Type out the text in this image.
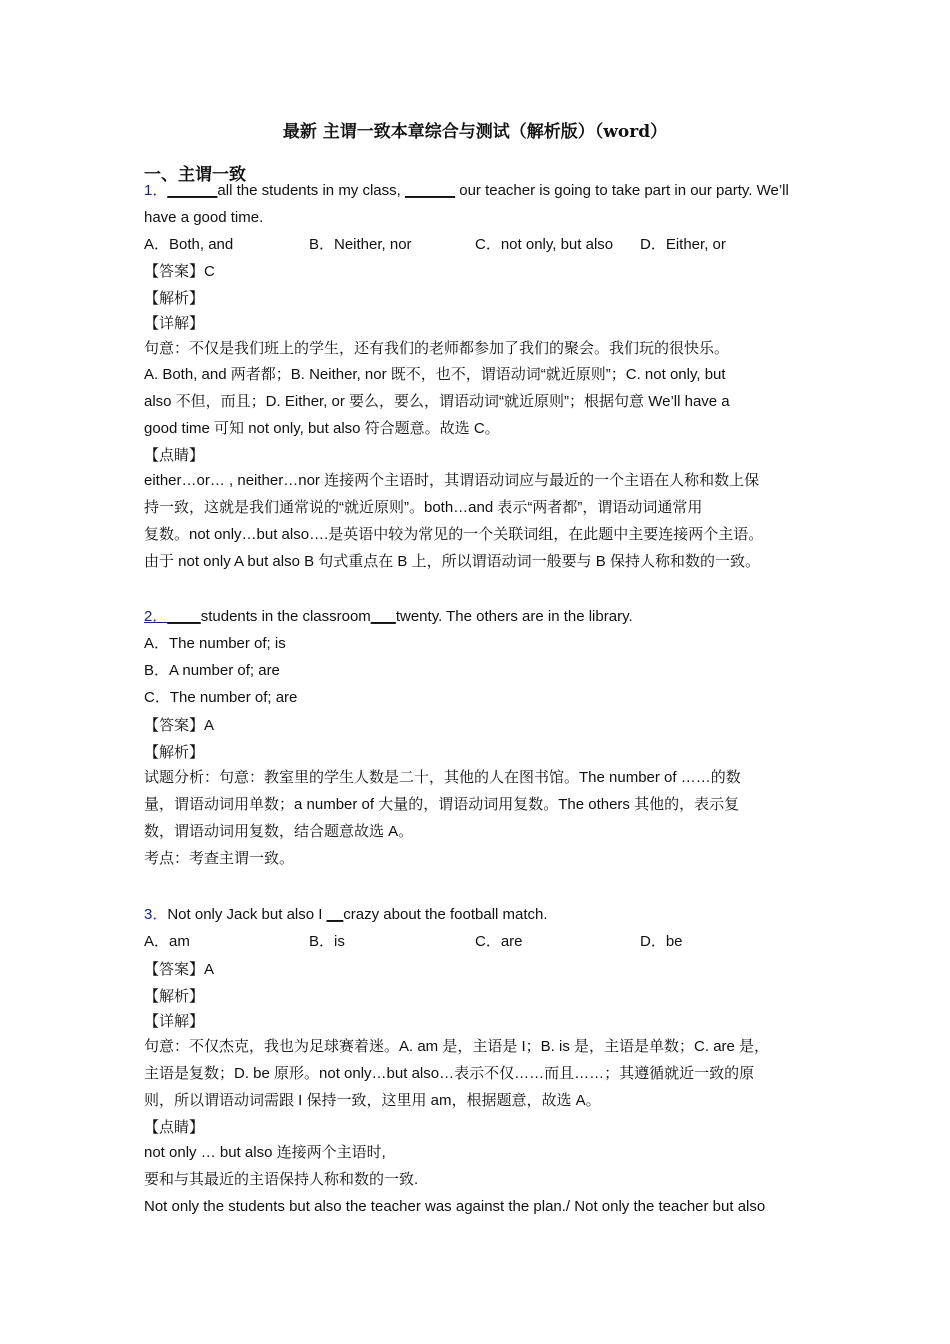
最新 主谓一致本章综合与测试（解析版）（word）
一、主谓一致
1．______all the students in my class, ______ our teacher is going to take part in our party. We’ll
have a good time.
A．Both, and	B．Neither, nor	C．not only, but also D．Either, or
【答案】C
【解析】
【详解】
句意：不仅是我们班上的学生，还有我们的老师都参加了我们的聚会。我们玩的很快乐。
A. Both, and 两者都；B. Neither, nor 既不，也不，谓语动词“就近原则”；C. not only, but
also 不但，而且；D. Either, or 要么，要么，谓语动词“就近原则”；根据句意 We’ll have a
good time 可知 not only, but also 符合题意。故选 C。
【点睛】
either…or… , neither…nor 连接两个主语时，其谓语动词应与最近的一个主语在人称和数上保
持一致，这就是我们通常说的“就近原则”。both…and 表示“两者都”，谓语动词通常用
复数。not only…but also….是英语中较为常见的一个关联词组，在此题中主要连接两个主语。
由于 not only A but also B 句式重点在 B 上，所以谓语动词一般要与 B 保持人称和数的一致。
2．____students in the classroom___twenty. The others are in the library.
A．The number of; is
B．A number of; are
C．The number of; are
【答案】A
【解析】
试题分析：句意：教室里的学生人数是二十，其他的人在图书馆。The number of ……的数
量，谓语动词用单数；a number of 大量的，谓语动词用复数。The others 其他的，表示复
数，谓语动词用复数，结合题意故选 A。
考点：考查主谓一致。
3．Not only Jack but also I __crazy about the football match.
A．am	B．is	C．are	D．be
【答案】A
【解析】
【详解】
句意：不仅杰克，我也为足球赛着迷。A. am 是，主语是 I；B. is 是，主语是单数；C. are 是，
主语是复数；D. be 原形。not only…but also…表示不仅……而且……；其遵循就近一致的原
则，所以谓语动词需跟 I 保持一致，这里用 am，根据题意，故选 A。
【点睛】
not only … but also 连接两个主语时,
要和与其最近的主语保持人称和数的一致.
Not only the students but also the teacher was against the plan./ Not only the teacher but also
